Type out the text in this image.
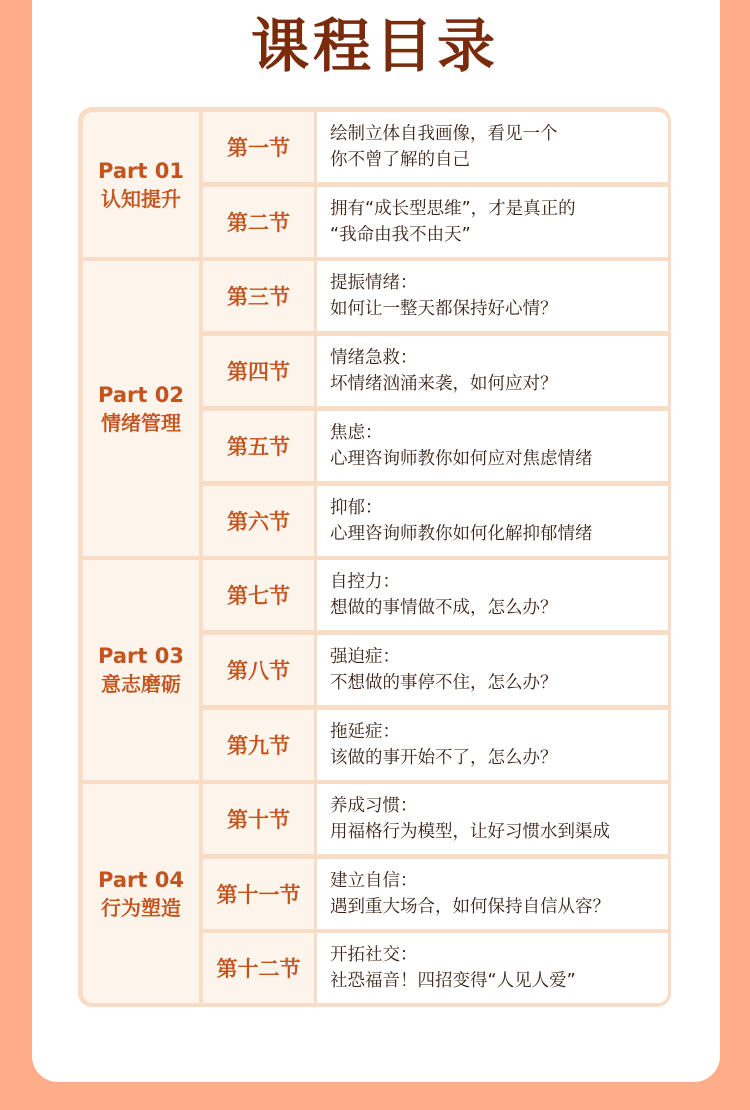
课程目录
Part 01
认知提升
Part 02
情绪管理
Part 03
意志磨砺
Part 04
行为塑造
第一节
绘制立体自我画像，看见一个
你不曾了解的自己
第二节
拥有“成长型思维”，才是真正的
“我命由我不由天”
第三节
提振情绪：
如何让一整天都保持好心情？
第四节
情绪急救：
坏情绪汹涌来袭，如何应对？
第五节
焦虑：
心理咨询师教你如何应对焦虑情绪
第六节
抑郁：
心理咨询师教你如何化解抑郁情绪
第七节
自控力：
想做的事情做不成，怎么办？
第八节
强迫症：
不想做的事停不住，怎么办？
第九节
拖延症：
该做的事开始不了，怎么办？
第十节
养成习惯：
用福格行为模型，让好习惯水到渠成
第十一节
建立自信：
遇到重大场合，如何保持自信从容？
第十二节
开拓社交：
社恐福音！四招变得“人见人爱”
